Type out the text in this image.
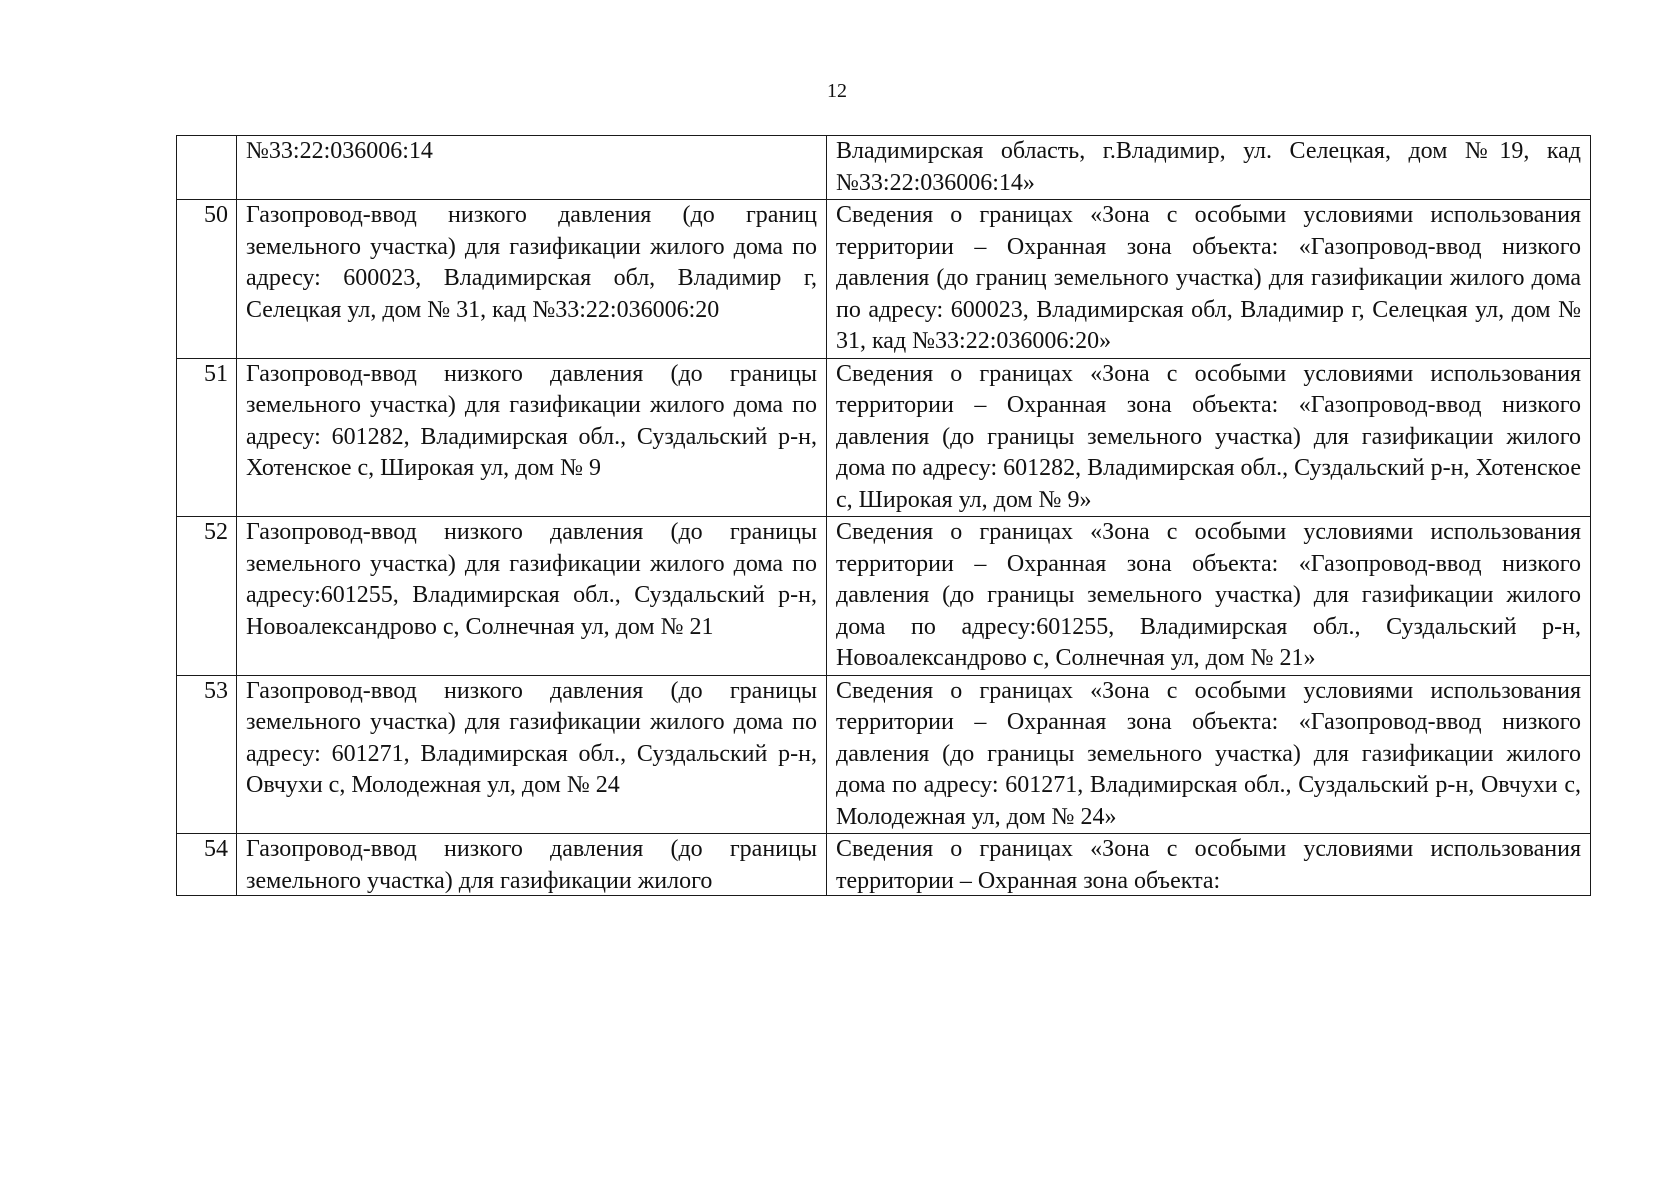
12
	№33:22:036006:14	Владимирская область, г.Владимир, ул. Селецкая, дом №19, кад №33:22:036006:14»
50	Газопровод-ввод низкого давления (до границ земельного участка) для газификации жилого дома по адресу: 600023, Владимирская обл, Владимир г, Селецкая ул, дом № 31, кад №33:22:036006:20	Сведения о границах «Зона с особыми условиями использования территории – Охранная зона объекта: «Газопровод-ввод низкого давления (до границ земельного участка) для газификации жилого дома по адресу: 600023, Владимирская обл, Владимир г, Селецкая ул, дом № 31, кад №33:22:036006:20»
51	Газопровод-ввод низкого давления (до границы земельного участка) для газификации жилого дома по адресу: 601282, Владимирская обл., Суздальский р-н, Хотенское с, Широкая ул, дом № 9	Сведения о границах «Зона с особыми условиями использования территории – Охранная зона объекта: «Газопровод-ввод низкого давления (до границы земельного участка) для газификации жилого дома по адресу: 601282, Владимирская обл., Суздальский р-н, Хотенское с, Широкая ул, дом № 9»
52	Газопровод-ввод низкого давления (до границы земельного участка) для газификации жилого дома по адресу:601255, Владимирская обл., Суздальский р-н, Новоалександрово с, Солнечная ул, дом № 21	Сведения о границах «Зона с особыми условиями использования территории – Охранная зона объекта: «Газопровод-ввод низкого давления (до границы земельного участка) для газификации жилого дома по адресу:601255, Владимирская обл., Суздальский р-н, Новоалександрово с, Солнечная ул, дом № 21»
53	Газопровод-ввод низкого давления (до границы земельного участка) для газификации жилого дома по адресу: 601271, Владимирская обл., Суздальский р-н, Овчухи с, Молодежная ул, дом № 24	Сведения о границах «Зона с особыми условиями использования территории – Охранная зона объекта: «Газопровод-ввод низкого давления (до границы земельного участка) для газификации жилого дома по адресу: 601271, Владимирская обл., Суздальский р-н, Овчухи с, Молодежная ул, дом № 24»
54	Газопровод-ввод низкого давления (до границы земельного участка) для газификации жилого	Сведения о границах «Зона с особыми условиями использования территории – Охранная зона объекта:
